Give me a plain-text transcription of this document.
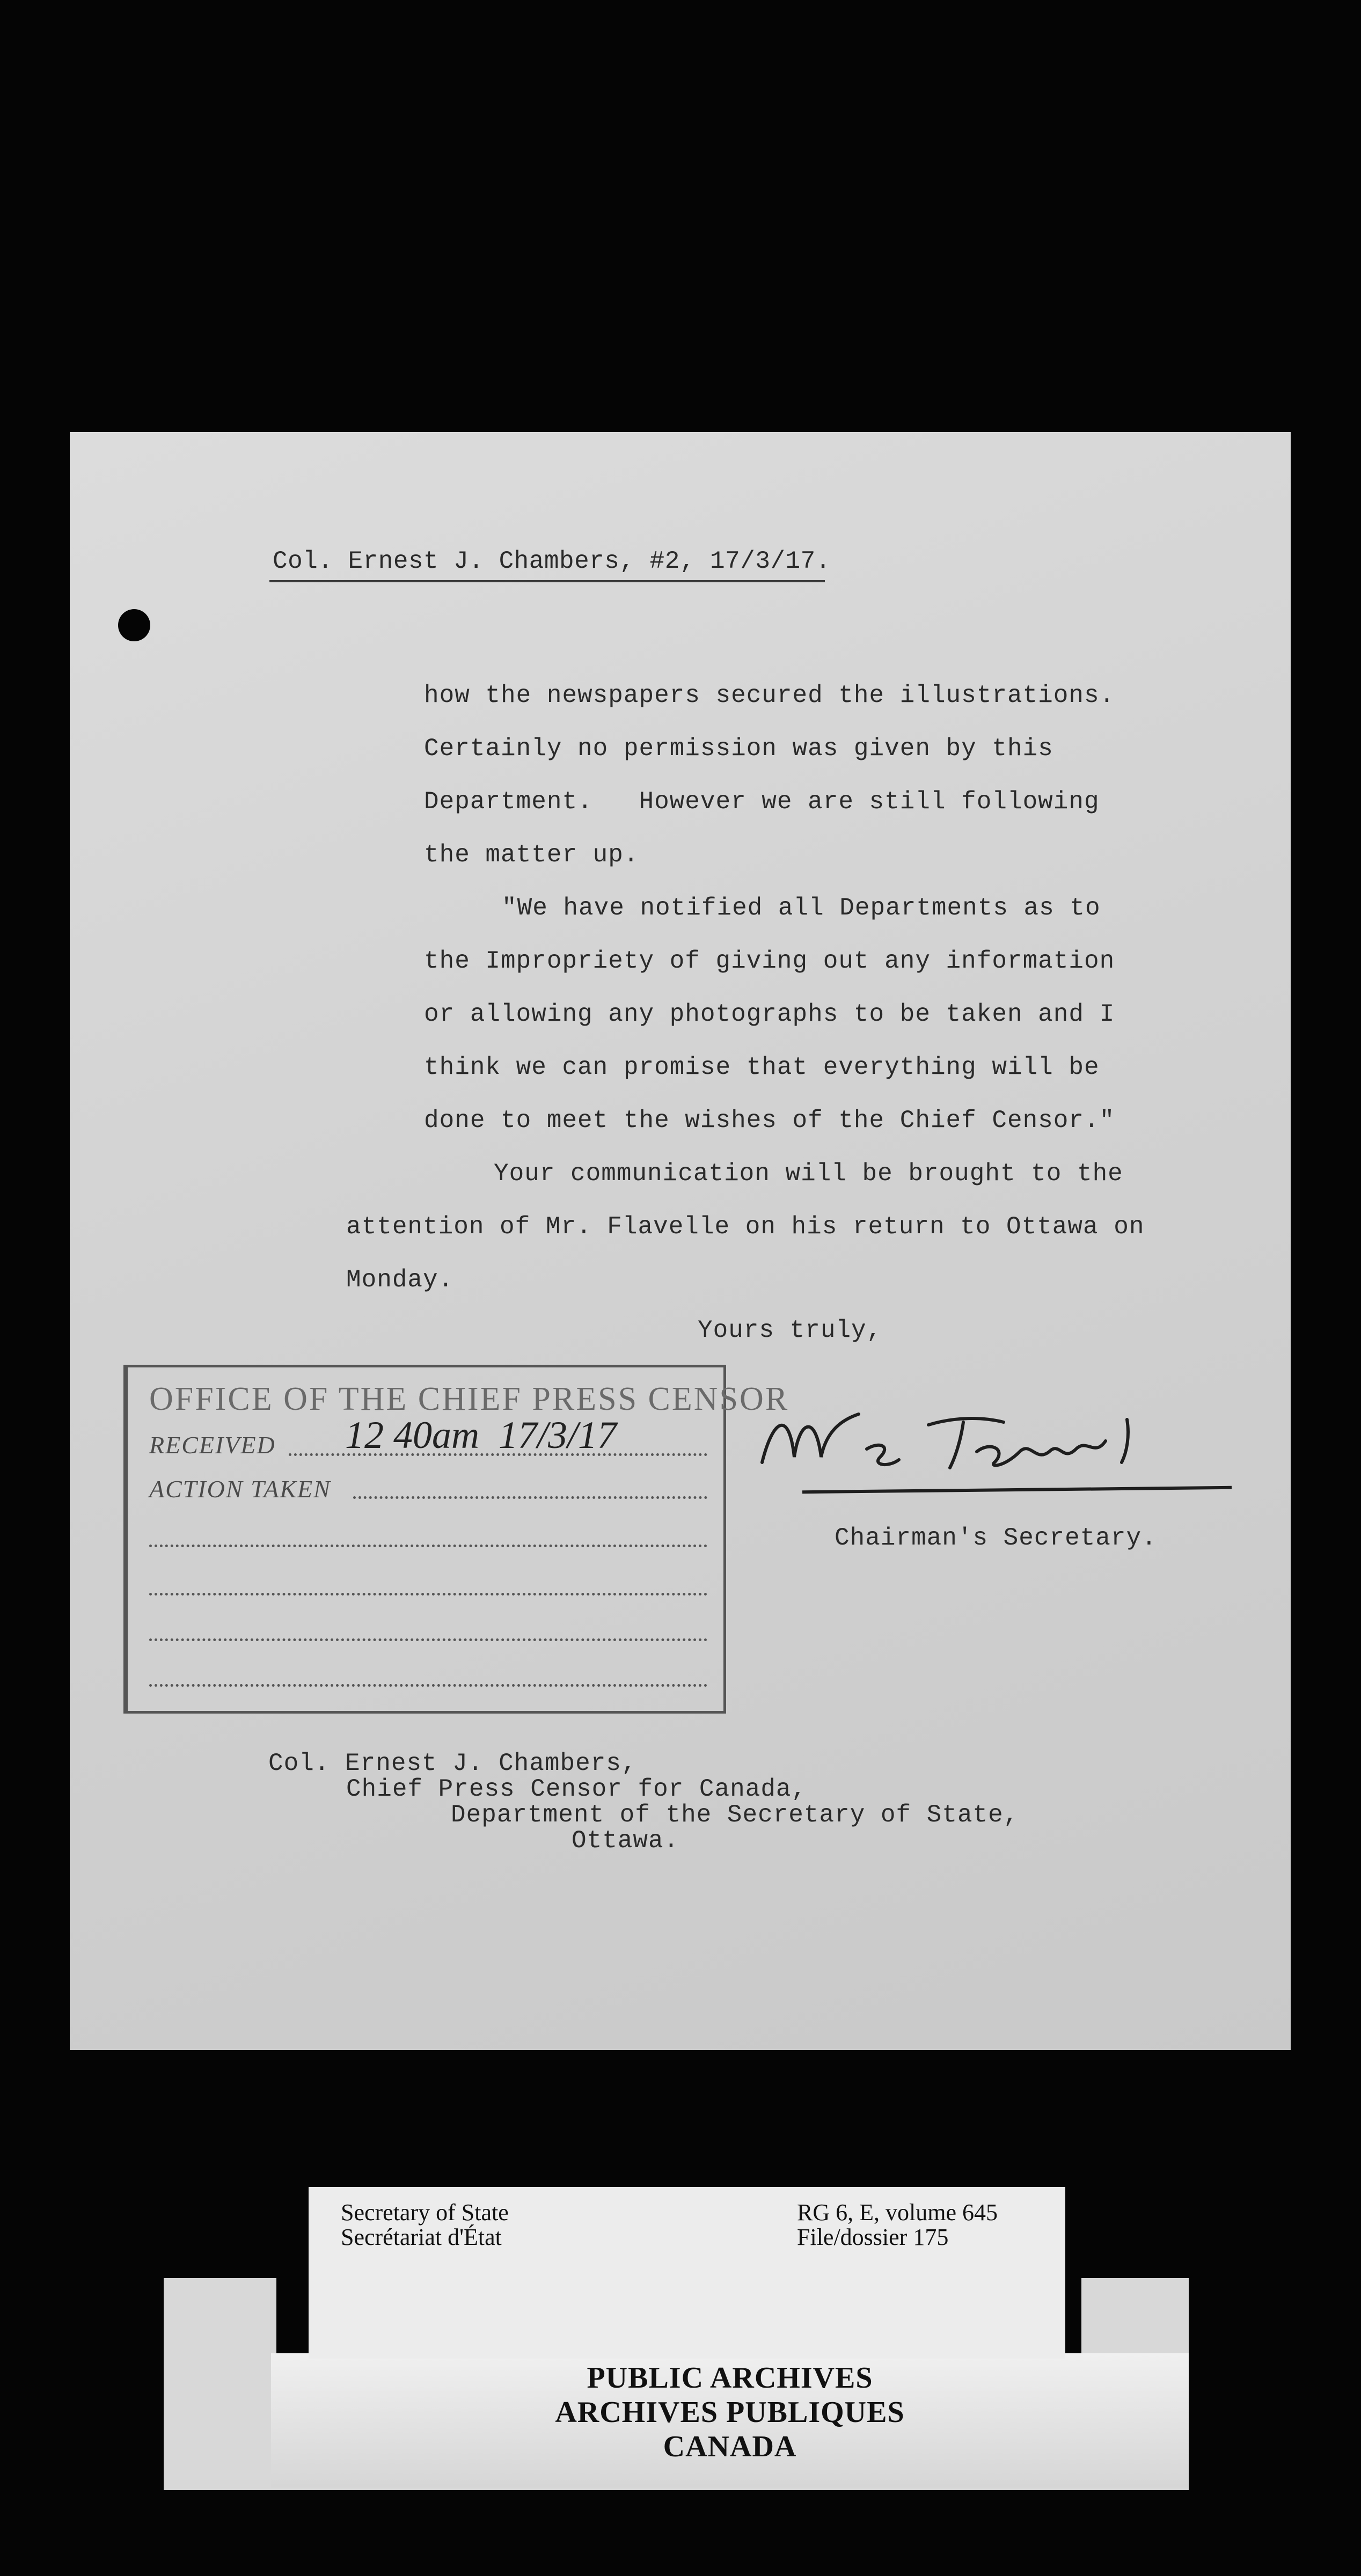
Col. Ernest J. Chambers, #2, 17/3/17.
how the newspapers secured the illustrations.
Certainly no permission was given by this
Department.   However we are still following
the matter up.
"We have notified all Departments as to
the Impropriety of giving out any information
or allowing any photographs to be taken and I
think we can promise that everything will be
done to meet the wishes of the Chief Censor."
Your communication will be brought to the
attention of Mr. Flavelle on his return to Ottawa on
Monday.
Yours truly,
Chairman's Secretary.
OFFICE OF THE CHIEF PRESS CENSOR
RECEIVED 12 40am  17/3/17
ACTION TAKEN
Col. Ernest J. Chambers,
Chief Press Censor for Canada,
Department of the Secretary of State,
Ottawa.
PUBLIC ARCHIVES
ARCHIVES PUBLIQUES
CANADA
Secretary of State
Secrétariat d'État
RG 6, E, volume 645
File/dossier 175
